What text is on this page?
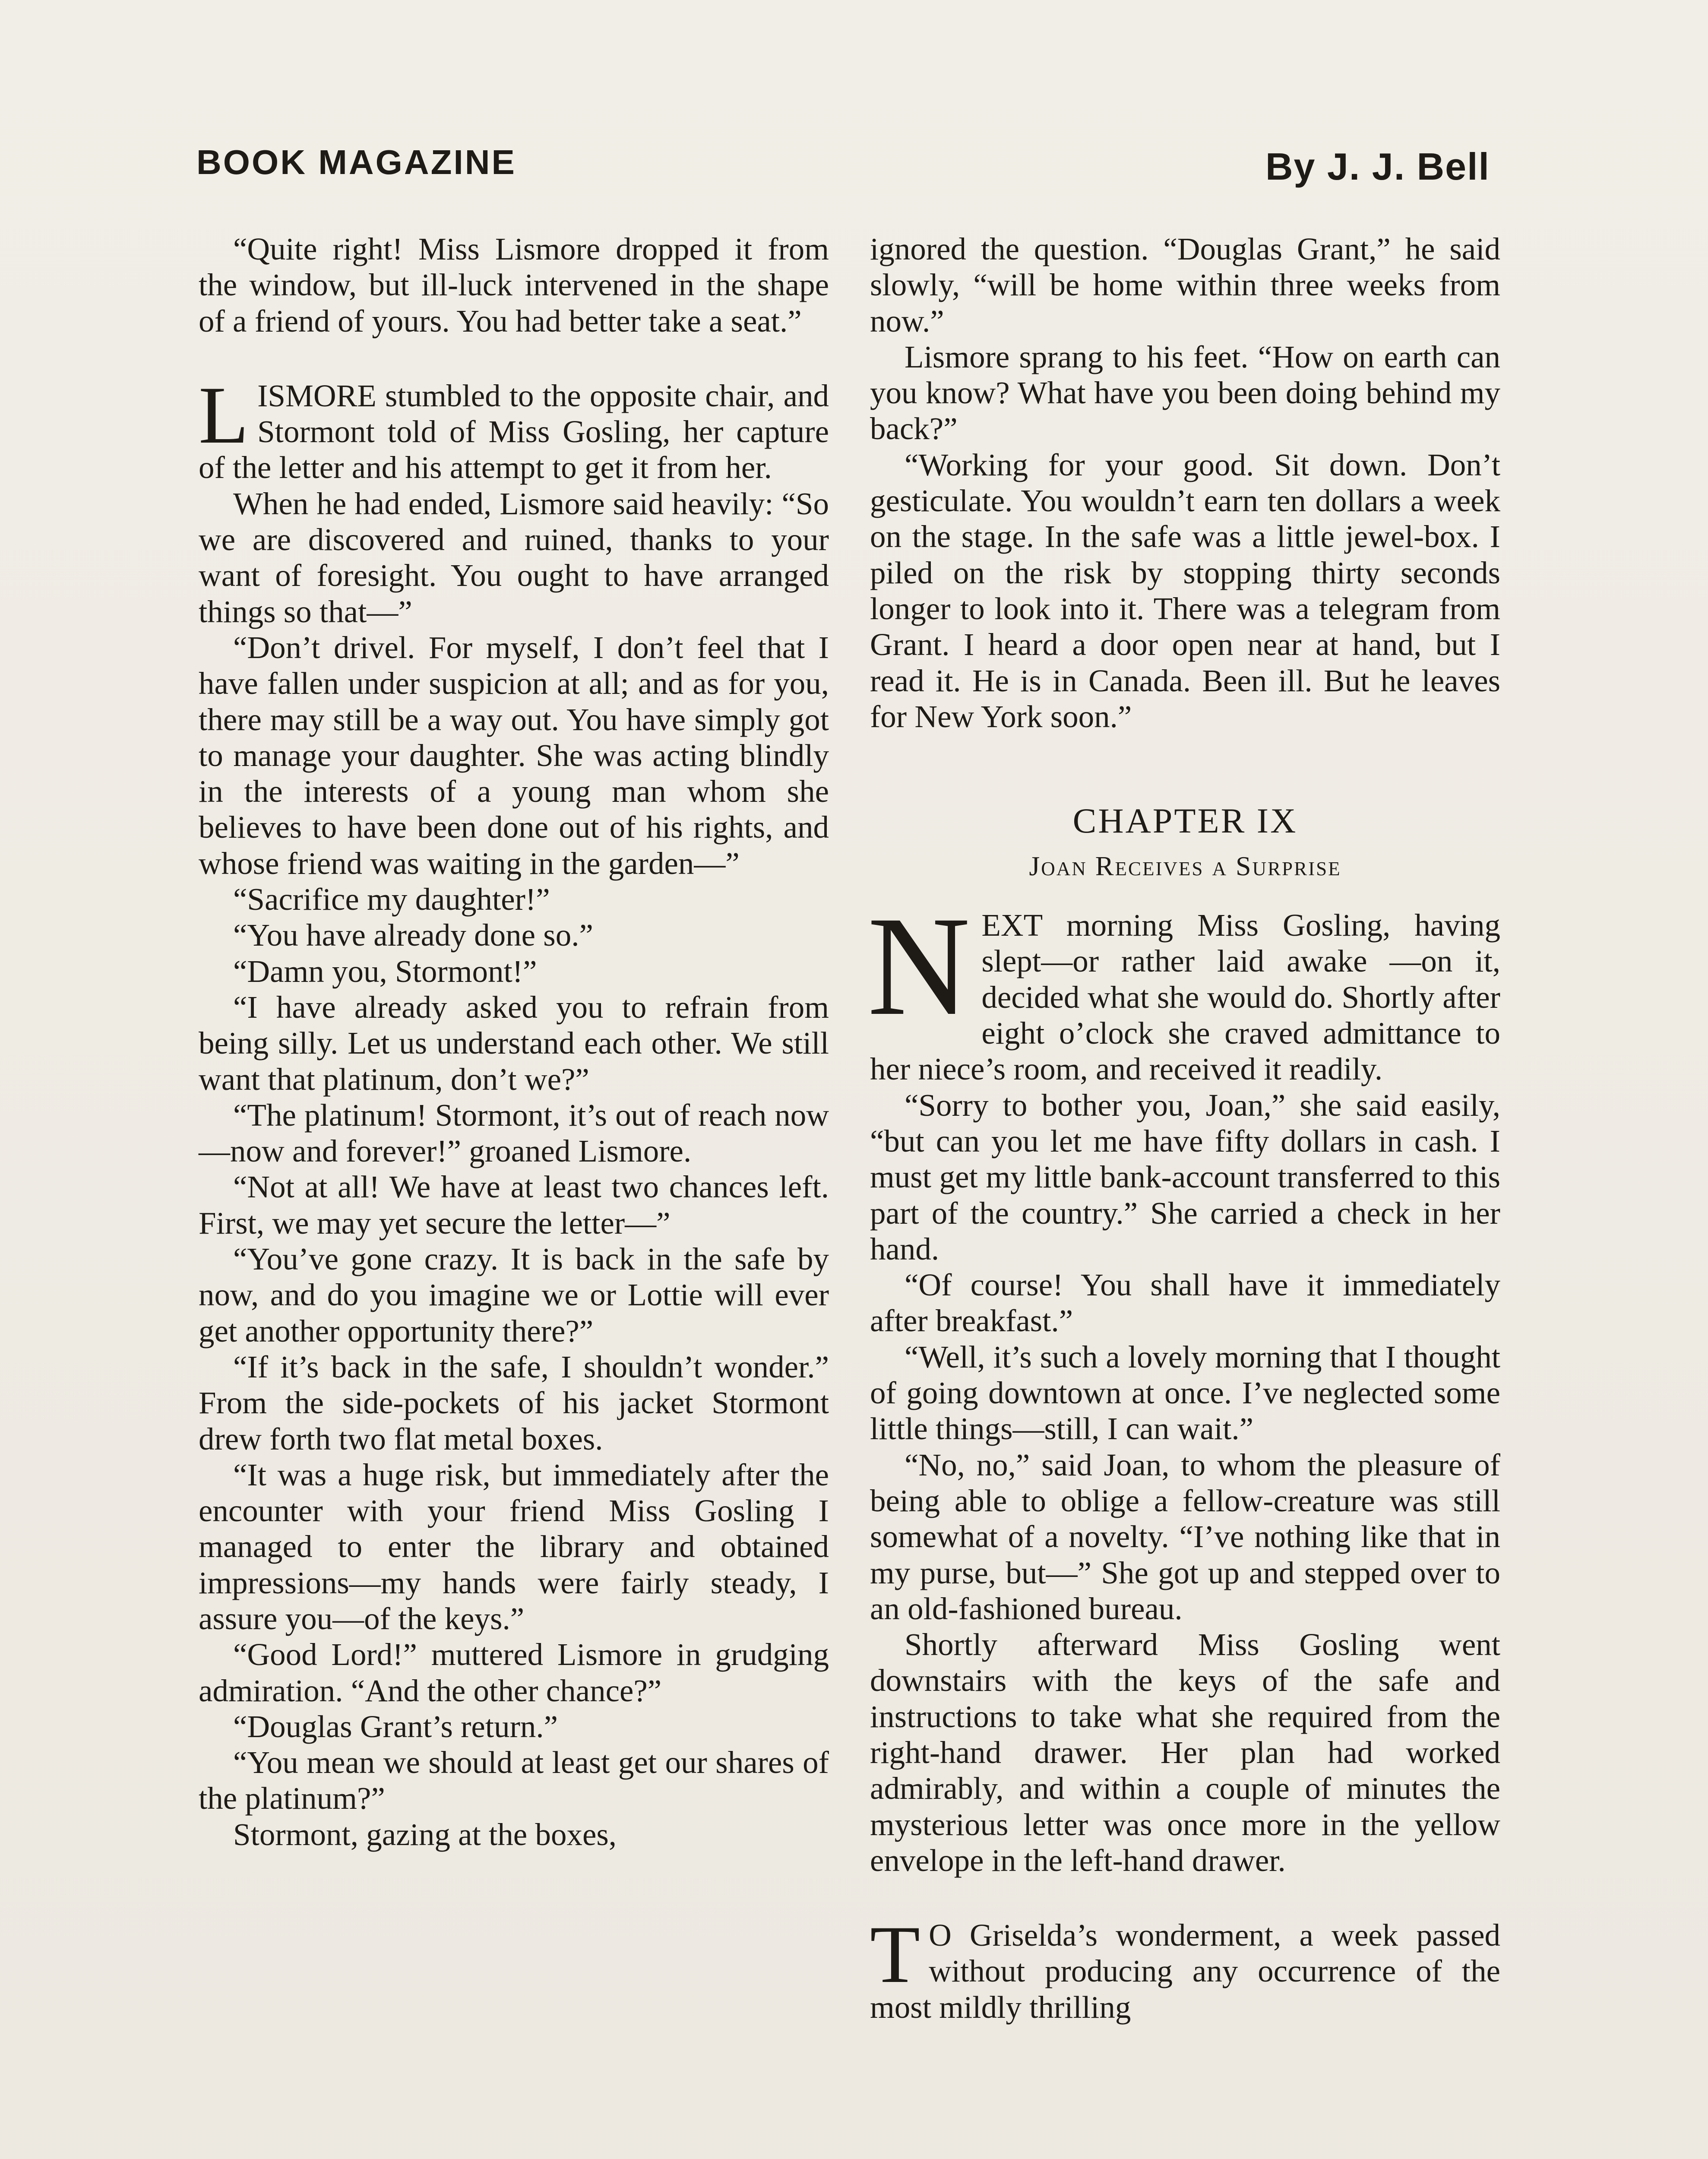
BOOK MAGAZINE	By J. J. Bell

“Quite right! Miss Lismore dropped it from the window, but ill-luck intervened in the shape of a friend of yours. You had better take a seat.”

LISMORE stumbled to the opposite chair, and Stormont told of Miss Gosling, her capture of the letter and his attempt to get it from her.

When he had ended, Lismore said heavily: “So we are discovered and ruined, thanks to your want of foresight. You ought to have arranged things so that—”

“Don’t drivel. For myself, I don’t feel that I have fallen under suspicion at all; and as for you, there may still be a way out. You have simply got to manage your daughter. She was acting blindly in the interests of a young man whom she believes to have been done out of his rights, and whose friend was waiting in the garden—”

“Sacrifice my daughter!”

“You have already done so.”

“Damn you, Stormont!”

“I have already asked you to refrain from being silly. Let us understand each other. We still want that platinum, don’t we?”

“The platinum! Stormont, it’s out of reach now—now and forever!” groaned Lismore.

“Not at all! We have at least two chances left. First, we may yet secure the letter—”

“You’ve gone crazy. It is back in the safe by now, and do you imagine we or Lottie will ever get another opportunity there?”

“If it’s back in the safe, I shouldn’t wonder.” From the side-pockets of his jacket Stormont drew forth two flat metal boxes.

“It was a huge risk, but immediately after the encounter with your friend Miss Gosling I managed to enter the library and obtained impressions—my hands were fairly steady, I assure you—of the keys.”

“Good Lord!” muttered Lismore in grudging admiration. “And the other chance?”

“Douglas Grant’s return.”

“You mean we should at least get our shares of the platinum?”

Stormont, gazing at the boxes,

ignored the question. “Douglas Grant,” he said slowly, “will be home within three weeks from now.”

Lismore sprang to his feet. “How on earth can you know? What have you been doing behind my back?”

“Working for your good. Sit down. Don’t gesticulate. You wouldn’t earn ten dollars a week on the stage. In the safe was a little jewel-box. I piled on the risk by stopping thirty seconds longer to look into it. There was a telegram from Grant. I heard a door open near at hand, but I read it. He is in Canada. Been ill. But he leaves for New York soon.”

CHAPTER IX

Joan Receives a Surprise

NEXT morning Miss Gosling, having slept—or rather laid awake —on it, decided what she would do. Shortly after eight o’clock she craved admittance to her niece’s room, and received it readily.

“Sorry to bother you, Joan,” she said easily, “but can you let me have fifty dollars in cash. I must get my little bank-account transferred to this part of the country.” She carried a check in her hand.

“Of course! You shall have it immediately after breakfast.”

“Well, it’s such a lovely morning that I thought of going downtown at once. I’ve neglected some little things—still, I can wait.”

“No, no,” said Joan, to whom the pleasure of being able to oblige a fellow-creature was still somewhat of a novelty. “I’ve nothing like that in my purse, but—” She got up and stepped over to an old-fashioned bureau.

Shortly afterward Miss Gosling went downstairs with the keys of the safe and instructions to take what she required from the right-hand drawer. Her plan had worked admirably, and within a couple of minutes the mysterious letter was once more in the yellow envelope in the left-hand drawer.

T O Griselda’s wonderment, a week passed without producing any occurrence of the most mildly thrilling
